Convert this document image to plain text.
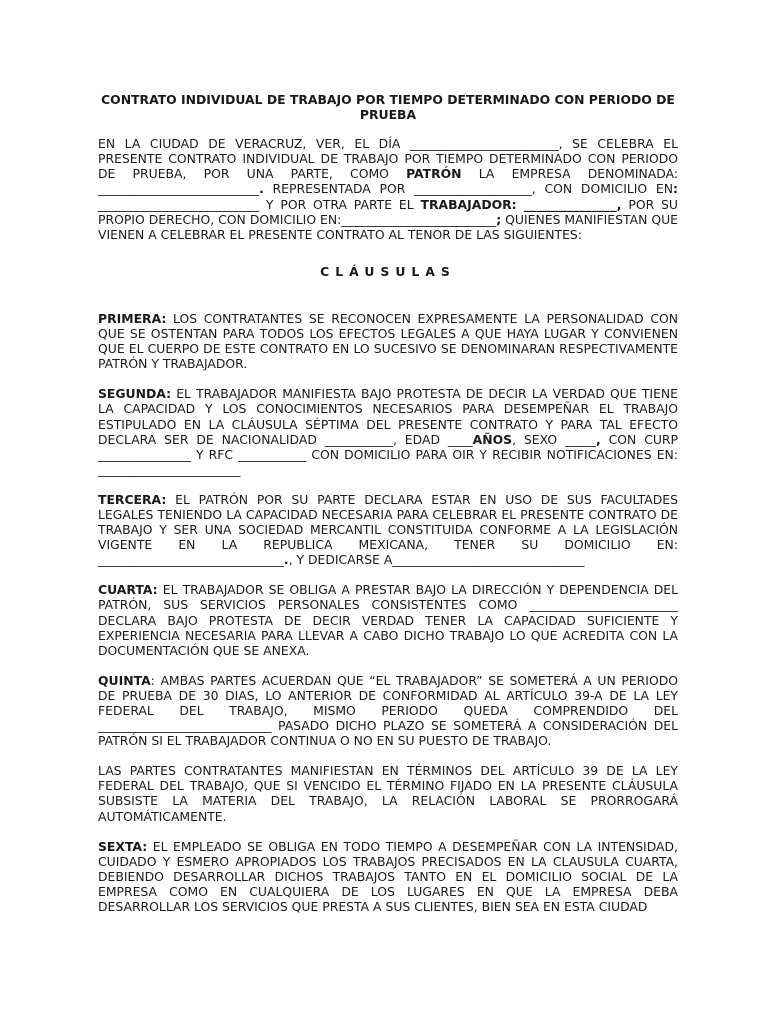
CONTRATO INDIVIDUAL DE TRABAJO POR TIEMPO DETERMINADO CON PERIODO DE PRUEBA

EN LA CIUDAD DE VERACRUZ, VER, EL DÍA ________________________, SE CELEBRA EL PRESENTE CONTRATO INDIVIDUAL DE TRABAJO POR TIEMPO DETERMINADO CON PERIODO DE PRUEBA, POR UNA PARTE, COMO PATRÓN LA EMPRESA DENOMINADA: __________________________. REPRESENTADA POR ___________________, CON DOMICILIO EN: __________________________ Y POR OTRA PARTE EL TRABAJADOR: _______________, POR SU PROPIO DERECHO, CON DOMICILIO EN:_________________________; QUIENES MANIFIESTAN QUE VIENEN A CELEBRAR EL PRESENTE CONTRATO AL TENOR DE LAS SIGUIENTES:

CLÁUSULAS

PRIMERA: LOS CONTRATANTES SE RECONOCEN EXPRESAMENTE LA PERSONALIDAD CON QUE SE OSTENTAN PARA TODOS LOS EFECTOS LEGALES A QUE HAYA LUGAR Y CONVIENEN QUE EL CUERPO DE ESTE CONTRATO EN LO SUCESIVO SE DENOMINARAN RESPECTIVAMENTE PATRÓN Y TRABAJADOR.

SEGUNDA: EL TRABAJADOR MANIFIESTA BAJO PROTESTA DE DECIR LA VERDAD QUE TIENE LA CAPACIDAD Y LOS CONOCIMIENTOS NECESARIOS PARA DESEMPEÑAR EL TRABAJO ESTIPULADO EN LA CLÁUSULA SÉPTIMA DEL PRESENTE CONTRATO Y PARA TAL EFECTO DECLARA SER DE NACIONALIDAD ___________, EDAD ____AÑOS, SEXO _____, CON CURP _______________ Y RFC ___________ CON DOMICILIO PARA OIR Y RECIBIR NOTIFICACIONES EN: _______________________

TERCERA: EL PATRÓN POR SU PARTE DECLARA ESTAR EN USO DE SUS FACULTADES LEGALES TENIENDO LA CAPACIDAD NECESARIA PARA CELEBRAR EL PRESENTE CONTRATO DE TRABAJO Y SER UNA SOCIEDAD MERCANTIL CONSTITUIDA CONFORME A LA LEGISLACIÓN VIGENTE EN LA REPUBLICA MEXICANA, TENER SU DOMICILIO EN: ______________________________., Y DEDICARSE A_______________________________

CUARTA: EL TRABAJADOR SE OBLIGA A PRESTAR BAJO LA DIRECCIÓN Y DEPENDENCIA DEL PATRÓN, SUS SERVICIOS PERSONALES CONSISTENTES COMO ________________________ DECLARA BAJO PROTESTA DE DECIR VERDAD TENER LA CAPACIDAD SUFICIENTE Y EXPERIENCIA NECESARIA PARA LLEVAR A CABO DICHO TRABAJO LO QUE ACREDITA CON LA DOCUMENTACIÓN QUE SE ANEXA.

QUINTA: AMBAS PARTES ACUERDAN QUE “EL TRABAJADOR” SE SOMETERÁ A UN PERIODO DE PRUEBA DE 30 DIAS, LO ANTERIOR DE CONFORMIDAD AL ARTÍCULO 39-A DE LA LEY FEDERAL DEL TRABAJO, MISMO PERIODO QUEDA COMPRENDIDO DEL ____________________________ PASADO DICHO PLAZO SE SOMETERÁ A CONSIDERACIÓN DEL PATRÓN SI EL TRABAJADOR CONTINUA O NO EN SU PUESTO DE TRABAJO.

LAS PARTES CONTRATANTES MANIFIESTAN EN TÉRMINOS DEL ARTÍCULO 39 DE LA LEY FEDERAL DEL TRABAJO, QUE SI VENCIDO EL TÉRMINO FIJADO EN LA PRESENTE CLÁUSULA SUBSISTE LA MATERIA DEL TRABAJO, LA RELACIÓN LABORAL SE PRORROGARÁ AUTOMÁTICAMENTE.

SEXTA: EL EMPLEADO SE OBLIGA EN TODO TIEMPO A DESEMPEÑAR CON LA INTENSIDAD, CUIDADO Y ESMERO APROPIADOS LOS TRABAJOS PRECISADOS EN LA CLAUSULA CUARTA, DEBIENDO DESARROLLAR DICHOS TRABAJOS TANTO EN EL DOMICILIO SOCIAL DE LA EMPRESA COMO EN CUALQUIERA DE LOS LUGARES EN QUE LA EMPRESA DEBA DESARROLLAR LOS SERVICIOS QUE PRESTA A SUS CLIENTES, BIEN SEA EN ESTA CIUDAD
